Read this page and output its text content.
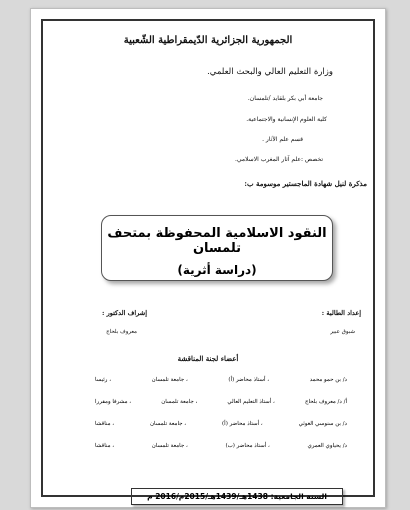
الجمهورية الجزائرية الدّيمقراطية الشّعبية
وزارة التعليم العالي والبحث العلمي.
جامعة أبي بكر بلقايد /تلمسان.
كلية العلوم الإنسانية والاجتماعية.
قسم علم الآثار .
تخصص :علم آثار المغرب الاسلامي.
مذكرة لنيل شهادة الماجستير موسومة ب:
النقود الاسلامية المحفوظة بمتحف تلمسان
(دراسة أثرية)
إعداد الطالبة :
شبوق عبير
إشراف الدكتور :
معروف بلحاج
أعضاء لجنة المناقشة
د/ بن حمو محمد
، أستاذ محاضر (أ)
، جامعة تلمسان
، رئيسا
أ/ د/ معروف بلحاج
، أستاذ التعليم العالي
، جامعة تلمسان
، مشرفا ومقررا
د/ بن سنوسي الغوثي
، أستاذ محاضر (أ)
، جامعة تلمسان
، مناقشا
د/ يحياوي العمري
، أستاذ محاضر (ب)
، جامعة تلمسان
، مناقشا
السنة الجامعية: 1438هـ/1439هـ/2015م/2016 م
